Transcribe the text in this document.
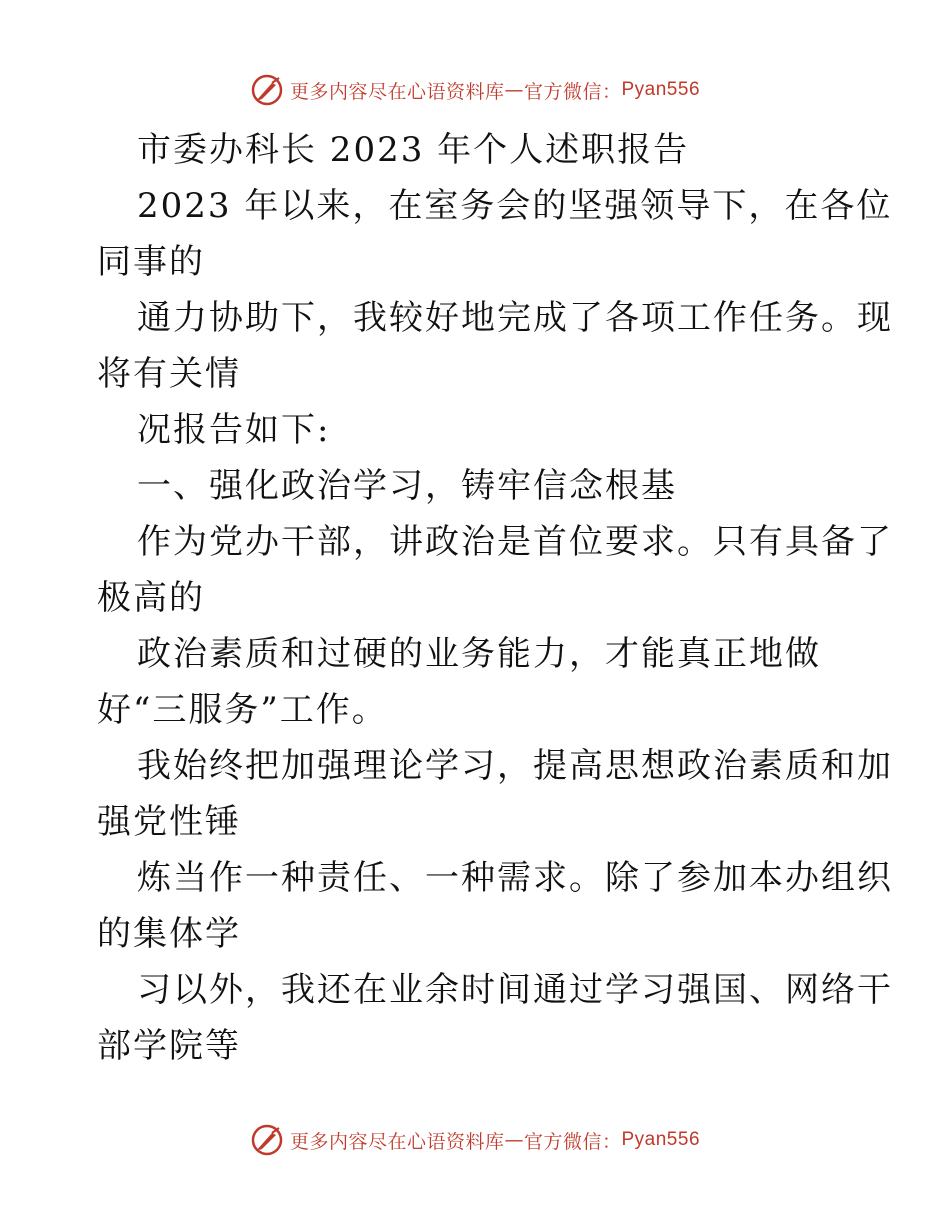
更多内容尽在心语资料库 — 官方微信： Pyan556
市委办科长 2023 年个人述职报告
2023 年以来，在室务会的坚强领导下，在各位
同事的
通力协助下，我较好地完成了各项工作任务。现
将有关情
况报告如下:
一、强化政治学习，铸牢信念根基
作为党办干部，讲政治是首位要求。只有具备了
极高的
政治素质和过硬的业务能力，才能真正地做
好“三服务”工作。
我始终把加强理论学习，提高思想政治素质和加
强党性锤
炼当作一种责任、一种需求。除了参加本办组织
的集体学
习以外，我还在业余时间通过学习强国、网络干
部学院等
更多内容尽在心语资料库 — 官方微信： Pyan556
